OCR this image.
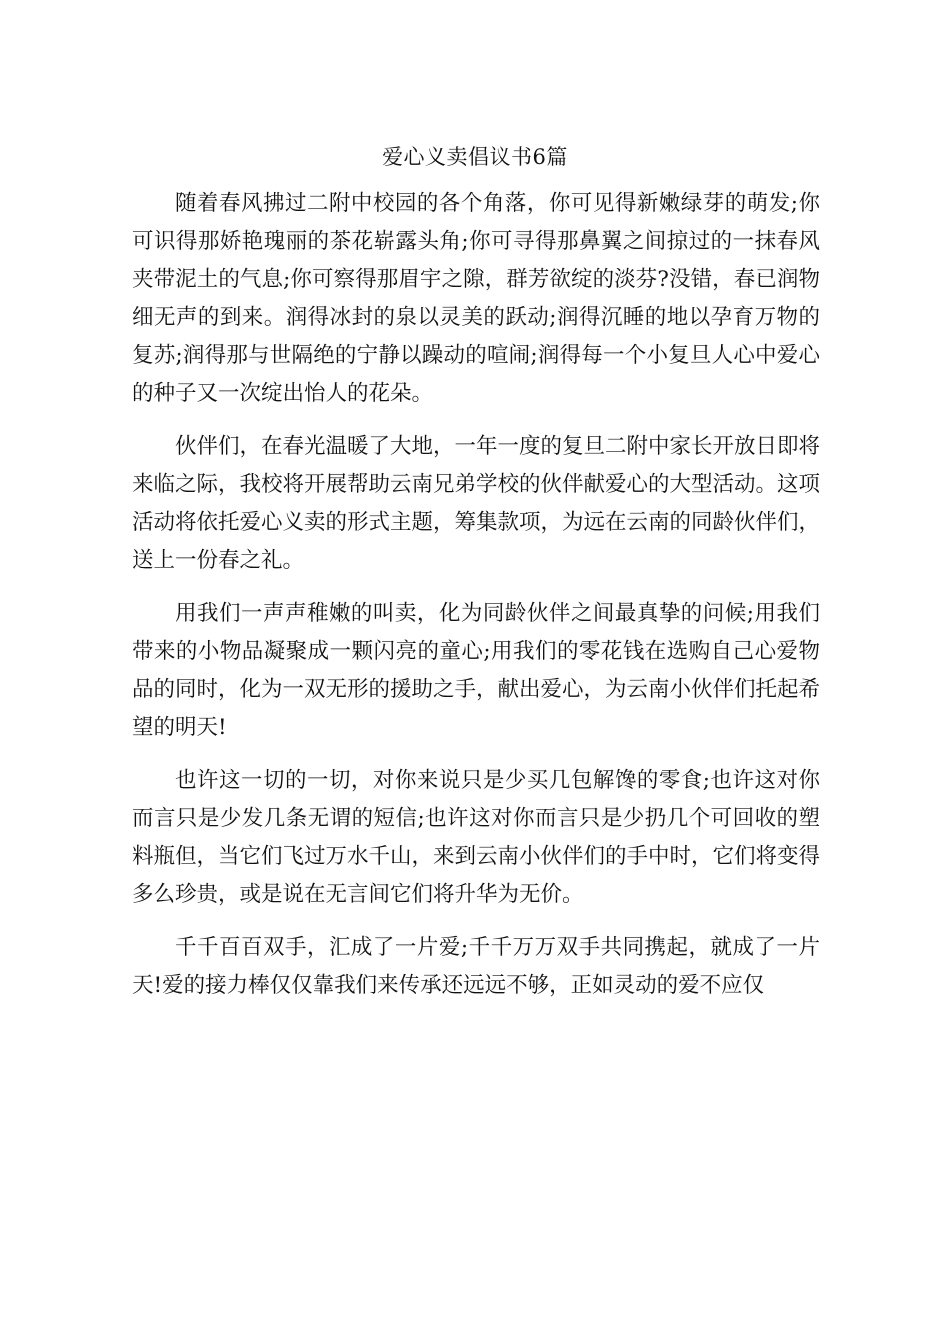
爱心义卖倡议书6篇

随着春风拂过二附中校园的各个角落，你可见得新嫩绿芽的萌发;你可识得那娇艳瑰丽的茶花崭露头角;你可寻得那鼻翼之间掠过的一抹春风夹带泥土的气息;你可察得那眉宇之隙，群芳欲绽的淡芬?没错，春已润物细无声的到来。润得冰封的泉以灵美的跃动;润得沉睡的地以孕育万物的复苏;润得那与世隔绝的宁静以躁动的喧闹;润得每一个小复旦人心中爱心的种子又一次绽出怡人的花朵。

伙伴们，在春光温暖了大地，一年一度的复旦二附中家长开放日即将来临之际，我校将开展帮助云南兄弟学校的伙伴献爱心的大型活动。这项活动将依托爱心义卖的形式主题，筹集款项，为远在云南的同龄伙伴们，送上一份春之礼。

用我们一声声稚嫩的叫卖，化为同龄伙伴之间最真挚的问候;用我们带来的小物品凝聚成一颗闪亮的童心;用我们的零花钱在选购自己心爱物品的同时，化为一双无形的援助之手，献出爱心，为云南小伙伴们托起希望的明天!

也许这一切的一切，对你来说只是少买几包解馋的零食;也许这对你而言只是少发几条无谓的短信;也许这对你而言只是少扔几个可回收的塑料瓶但，当它们飞过万水千山，来到云南小伙伴们的手中时，它们将变得多么珍贵，或是说在无言间它们将升华为无价。

千千百百双手，汇成了一片爱;千千万万双手共同携起，就成了一片天!爱的接力棒仅仅靠我们来传承还远远不够，正如灵动的爱不应仅
